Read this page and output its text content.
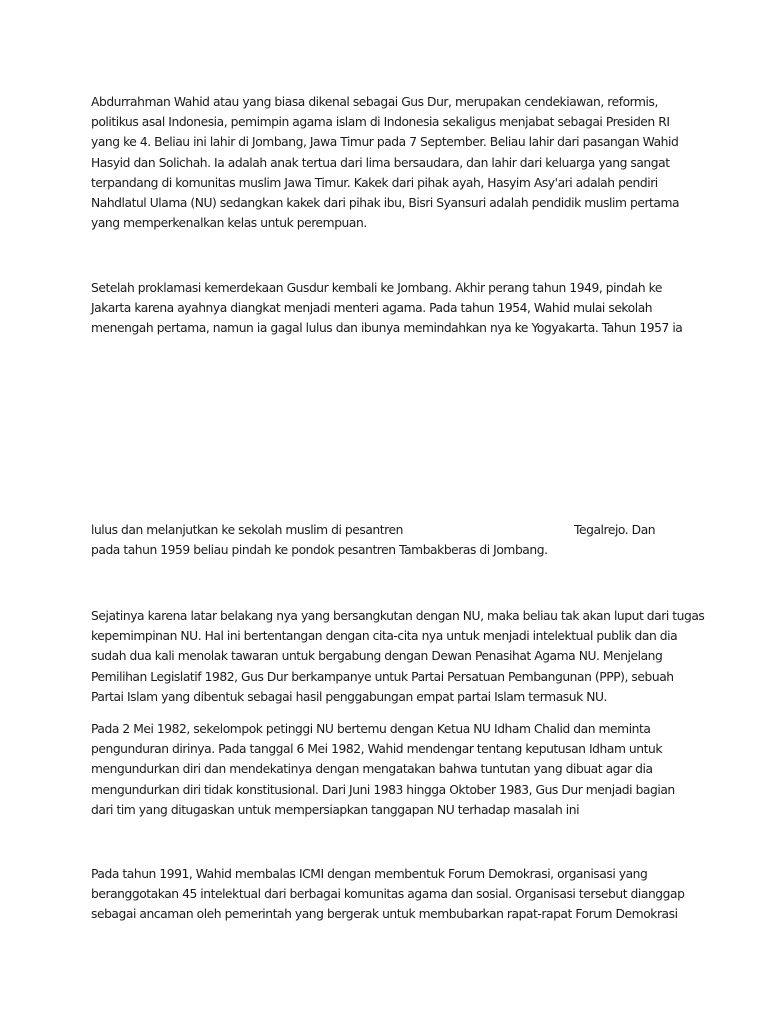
Abdurrahman Wahid atau yang biasa dikenal sebagai Gus Dur, merupakan cendekiawan, reformis,
politikus asal Indonesia, pemimpin agama islam di Indonesia sekaligus menjabat sebagai Presiden RI
yang ke 4. Beliau ini lahir di Jombang, Jawa Timur pada 7 September. Beliau lahir dari pasangan Wahid
Hasyid dan Solichah. Ia adalah anak tertua dari lima bersaudara, dan lahir dari keluarga yang sangat
terpandang di komunitas muslim Jawa Timur. Kakek dari pihak ayah, Hasyim Asy'ari adalah pendiri
Nahdlatul Ulama (NU) sedangkan kakek dari pihak ibu, Bisri Syansuri adalah pendidik muslim pertama
yang memperkenalkan kelas untuk perempuan.

Setelah proklamasi kemerdekaan Gusdur kembali ke Jombang. Akhir perang tahun 1949, pindah ke
Jakarta karena ayahnya diangkat menjadi menteri agama. Pada tahun 1954, Wahid mulai sekolah
menengah pertama, namun ia gagal lulus dan ibunya memindahkan nya ke Yogyakarta. Tahun 1957 ia

lulus dan melanjutkan ke sekolah muslim di pesantren	Tegalrejo. Dan
pada tahun 1959 beliau pindah ke pondok pesantren Tambakberas di Jombang.

Sejatinya karena latar belakang nya yang bersangkutan dengan NU, maka beliau tak akan luput dari tugas
kepemimpinan NU. Hal ini bertentangan dengan cita-cita nya untuk menjadi intelektual publik dan dia
sudah dua kali menolak tawaran untuk bergabung dengan Dewan Penasihat Agama NU. Menjelang
Pemilihan Legislatif 1982, Gus Dur berkampanye untuk Partai Persatuan Pembangunan (PPP), sebuah
Partai Islam yang dibentuk sebagai hasil penggabungan empat partai Islam termasuk NU.

Pada 2 Mei 1982, sekelompok petinggi NU bertemu dengan Ketua NU Idham Chalid dan meminta
pengunduran dirinya. Pada tanggal 6 Mei 1982, Wahid mendengar tentang keputusan Idham untuk
mengundurkan diri dan mendekatinya dengan mengatakan bahwa tuntutan yang dibuat agar dia
mengundurkan diri tidak konstitusional. Dari Juni 1983 hingga Oktober 1983, Gus Dur menjadi bagian
dari tim yang ditugaskan untuk mempersiapkan tanggapan NU terhadap masalah ini

Pada tahun 1991, Wahid membalas ICMI dengan membentuk Forum Demokrasi, organisasi yang
beranggotakan 45 intelektual dari berbagai komunitas agama dan sosial. Organisasi tersebut dianggap
sebagai ancaman oleh pemerintah yang bergerak untuk membubarkan rapat-rapat Forum Demokrasi
